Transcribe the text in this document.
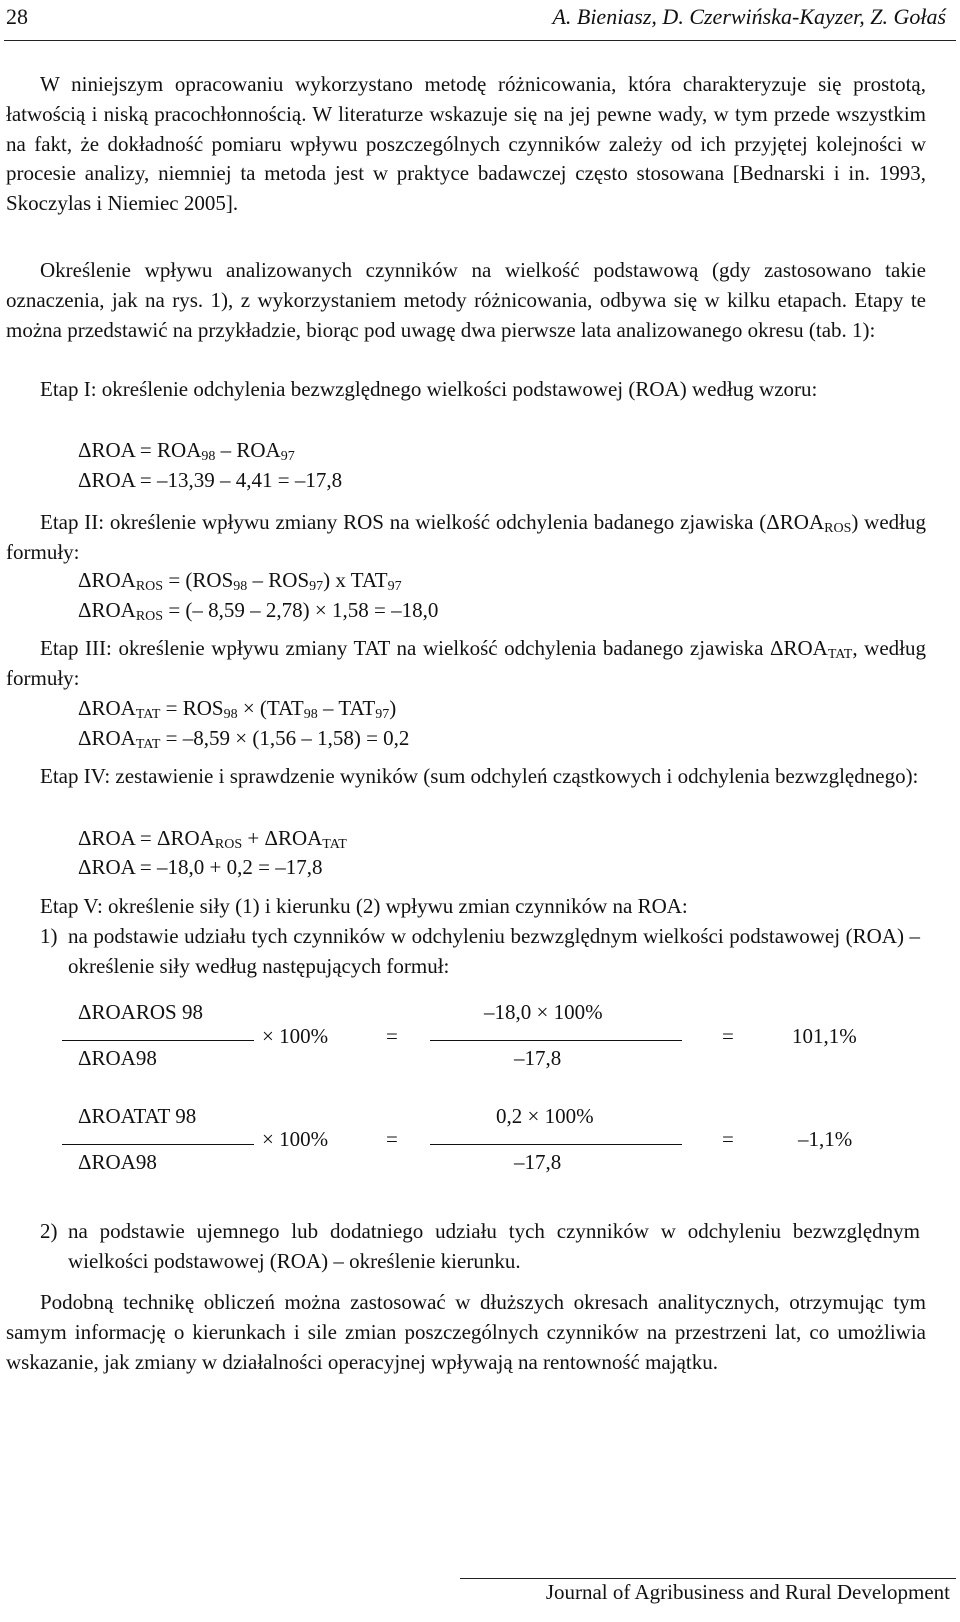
28	A. Bieniasz, D. Czerwińska-Kayzer, Z. Gołaś

W niniejszym opracowaniu wykorzystano metodę różnicowania, która charakteryzuje się prostotą, łatwością i niską pracochłonnością. W literaturze wskazuje się na jej pewne wady, w tym przede wszystkim na fakt, że dokładność pomiaru wpływu poszczególnych czynników zależy od ich przyjętej kolejności w procesie analizy, niemniej ta metoda jest w praktyce badawczej często stosowana [Bednarski i in. 1993, Skoczylas i Niemiec 2005].

Określenie wpływu analizowanych czynników na wielkość podstawową (gdy zastosowano takie oznaczenia, jak na rys. 1), z wykorzystaniem metody różnicowania, odbywa się w kilku etapach. Etapy te można przedstawić na przykładzie, biorąc pod uwagę dwa pierwsze lata analizowanego okresu (tab. 1):

Etap I: określenie odchylenia bezwzględnego wielkości podstawowej (ROA) według wzoru:

$\Delta ROA = ROA_{98} - ROA_{97}$
ΔROA = –13,39 – 4,41 = –17,8

Etap II: określenie wpływu zmiany ROS na wielkość odchylenia badanego zjawiska $(\Delta ROA_{ROS})$ według formuły:

$\Delta ROA_{ROS} = (ROS_{98} - ROS_{97})$ x $TAT_{97}$
$\Delta ROA_{ROS}$ = (– 8,59 – 2,78) × 1,58 = –18,0

Etap III: określenie wpływu zmiany TAT na wielkość odchylenia badanego zjawiska $\Delta ROA_{TAT}$, według formuły:

$\Delta ROA_{TAT} = ROS_{98} \times (TAT_{98} - TAT_{97})$
$\Delta ROA_{TAT} = -8,59 \times (1,56 - 1,58) = 0,2$

Etap IV: zestawienie i sprawdzenie wyników (sum odchyleń cząstkowych i odchylenia bezwzględnego):

$\Delta ROA = \Delta ROA_{ROS} + \Delta ROA_{TAT}$
ΔROA = –18,0 + 0,2 = –17,8

Etap V: określenie siły (1) i kierunku (2) wpływu zmian czynników na ROA:

1) na podstawie udziału tych czynników w odchyleniu bezwzględnym wielkości podstawowej (ROA) – określenie siły według następujących formuł:
ΔROAROS 98
ΔROA98
× 100%	=
–18,0 × 100%
–17,8
=	101,1%
ΔROATAT 98
ΔROA98
× 100%	=
0,2 × 100%
–17,8
=	–1,1%
2) na podstawie ujemnego lub dodatniego udziału tych czynników w odchyleniu bezwzględnym wielkości podstawowej (ROA) – określenie kierunku.

Podobną technikę obliczeń można zastosować w dłuższych okresach analitycznych, otrzymując tym samym informację o kierunkach i sile zmian poszczególnych czynników na przestrzeni lat, co umożliwia wskazanie, jak zmiany w działalności operacyjnej wpływają na rentowność majątku.

Journal of Agribusiness and Rural Development
